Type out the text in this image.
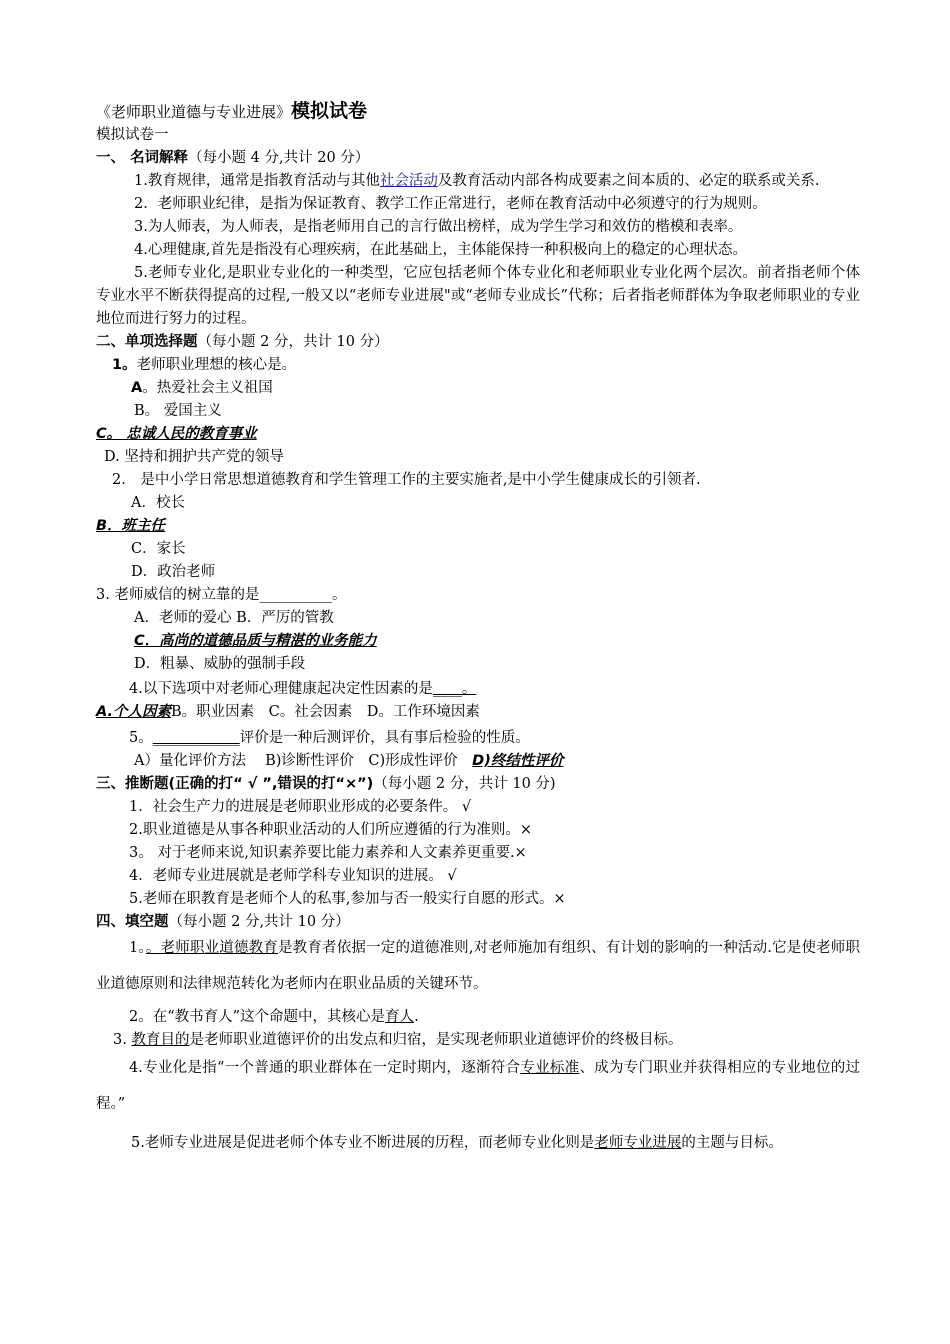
《老师职业道德与专业进展》模拟试卷
模拟试卷一
一、 名词解释（每小题 4 分,共计 20 分）
1.教育规律，通常是指教育活动与其他社会活动及教育活动内部各构成要素之间本质的、必定的联系或关系.
2．老师职业纪律，是指为保证教育、教学工作正常进行，老师在教育活动中必须遵守的行为规则。
3.为人师表，为人师表，是指老师用自己的言行做出榜样，成为学生学习和效仿的楷模和表率。
4.心理健康,首先是指没有心理疾病，在此基础上，主体能保持一种积极向上的稳定的心理状态。
5.老师专业化,是职业专业化的一种类型，它应包括老师个体专业化和老师职业专业化两个层次。前者指老师个体专业水平不断获得提高的过程,一般又以“老师专业进展"或“老师专业成长”代称；后者指老师群体为争取老师职业的专业地位而进行努力的过程。
二、单项选择题（每小题 2 分，共计 10 分）
1。老师职业理想的核心是。
A。热爱社会主义祖国
B。 爱国主义
C。 忠诚人民的教育事业
D. 坚持和拥护共产党的领导
2． 是中小学日常思想道德教育和学生管理工作的主要实施者,是中小学生健康成长的引领者.
A．校长
B．班主任
C．家长
D．政治老师
3. 老师威信的树立靠的是__________。
A．老师的爱心 B．严厉的管教
C．高尚的道德品质与精湛的业务能力
D．粗暴、威胁的强制手段
4.以下选项中对老师心理健康起决定性因素的是____。
A.个人因素B。职业因素　C。社会因素　D。工作环境因素
5。____________评价是一种后测评价，具有事后检验的性质。
A）量化评价方法　 B)诊断性评价　C)形成性评价　D)终结性评价
三、推断题(正确的打“ √ ”,错误的打“×”)（每小题 2 分，共计 10 分)
1．社会生产力的进展是老师职业形成的必要条件。 √
2.职业道德是从事各种职业活动的人们所应遵循的行为准则。×
3。 对于老师来说,知识素养要比能力素养和人文素养更重要.×
4．老师专业进展就是老师学科专业知识的进展。 √
5.老师在职教育是老师个人的私事,参加与否一般实行自愿的形式。×
四、填空题（每小题 2 分,共计 10 分）
1。。老师职业道德教育是教育者依据一定的道德准则,对老师施加有组织、有计划的影响的一种活动.它是使老师职业道德原则和法律规范转化为老师内在职业品质的关键环节。
2。在“教书育人”这个命题中，其核心是育人.
3. 教育目的是老师职业道德评价的出发点和归宿，是实现老师职业道德评价的终极目标。
4.专业化是指“一个普通的职业群体在一定时期内，逐渐符合专业标准、成为专门职业并获得相应的专业地位的过程。”
5.老师专业进展是促进老师个体专业不断进展的历程，而老师专业化则是老师专业进展的主题与目标。
